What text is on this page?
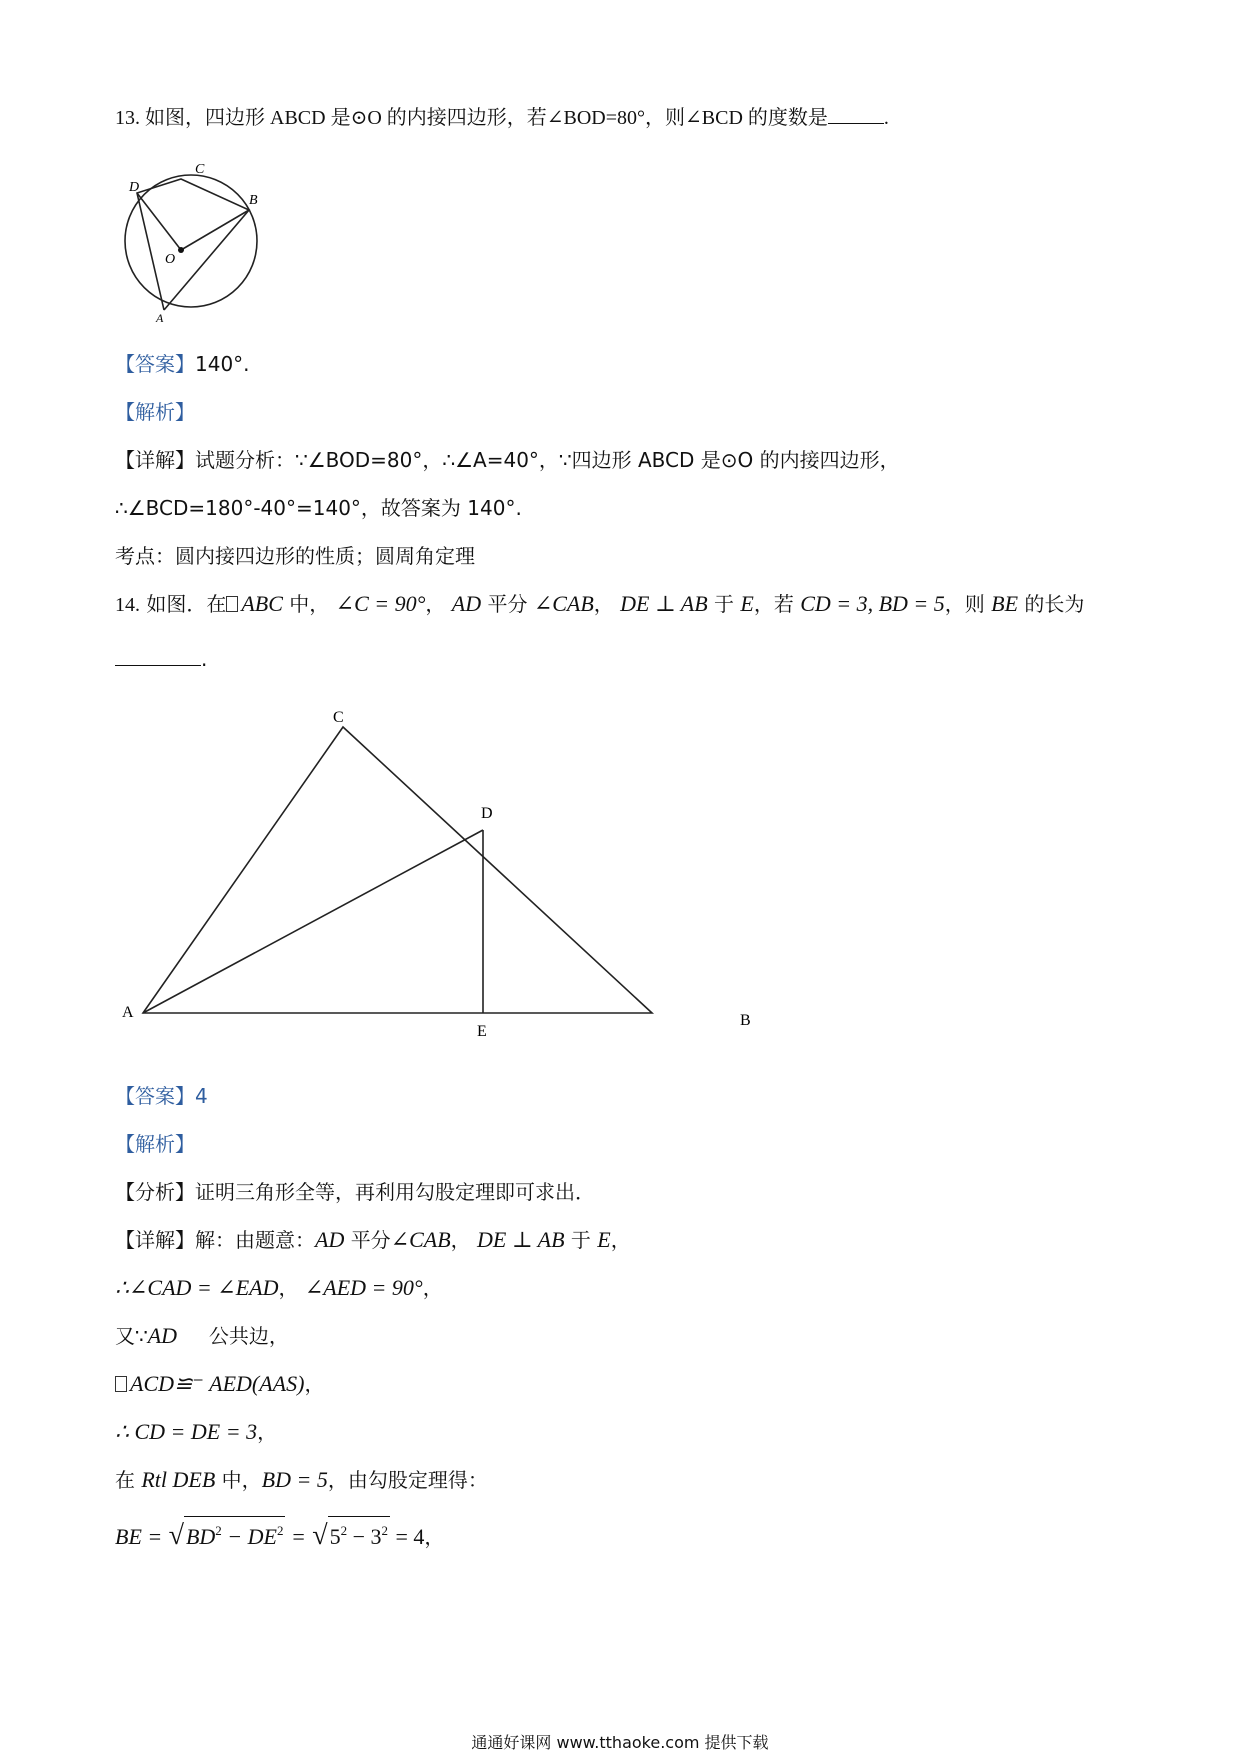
13. 如图，四边形 ABCD 是⊙O 的内接四边形，若∠BOD=80°，则∠BCD 的度数是	.
D
C
B
O
A
【答案】140°.
【解析】
【详解】试题分析：∵∠BOD=80°，∴∠A=40°，∵四边形 ABCD 是⊙O 的内接四边形，
∴∠BCD=180°-40°=140°，故答案为 140°.
考点：圆内接四边形的性质；圆周角定理
14. 如图．在 ABC 中， ∠C = 90°， AD 平分 ∠CAB， DE ⊥ AB 于 E，若 CD = 3, BD = 5，则 BE 的长为
.
C
D
A
E
B
【答案】4
【解析】
【分析】证明三角形全等，再利用勾股定理即可求出．
【详解】解：由题意：AD 平分∠CAB， DE ⊥ AB 于 E，
∴∠CAD = ∠EAD， ∠AED = 90°，
又∵AD 公共边，
ACD≌⁻ AED(AAS)，
∴ CD = DE = 3，
在 Rtl DEB 中，BD = 5，由勾股定理得：
BE = $√BD^2 - DE^2 = √5^2 - 3^2 = 4$，
通通好课网 www.tthaoke.com 提供下载
